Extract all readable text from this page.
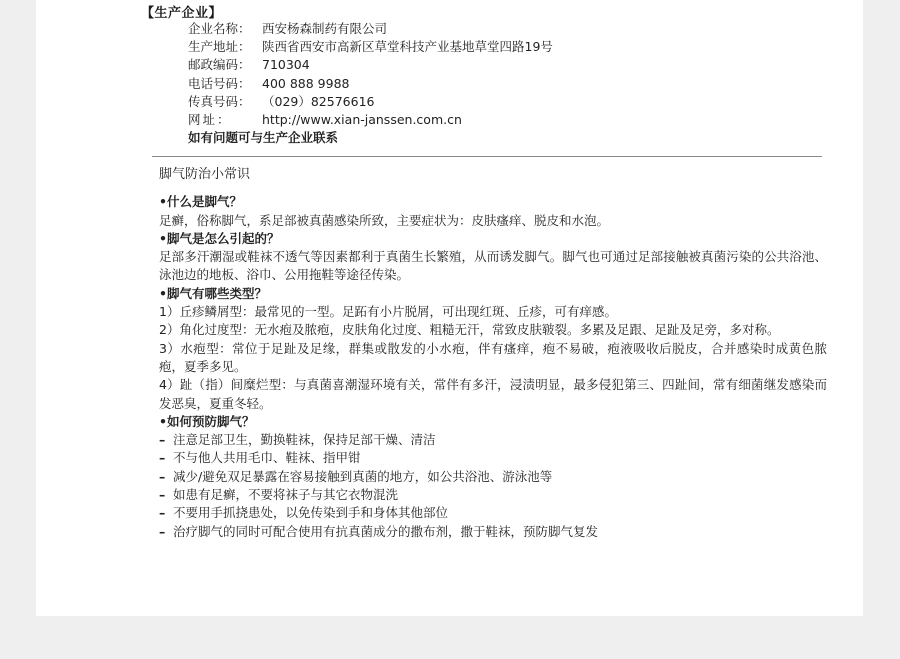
【生产企业】
企业名称： 西安杨森制药有限公司
生产地址： 陕西省西安市高新区草堂科技产业基地草堂四路19号
邮政编码： 710304
电话号码： 400 888 9988
传真号码： （029）82576616
网址： http://www.xian-janssen.com.cn
如有问题可与生产企业联系
脚气防治小常识
•什么是脚气？

足癣，俗称脚气，系足部被真菌感染所致，主要症状为：皮肤瘙痒、脱皮和水泡。

•脚气是怎么引起的？

足部多汗潮湿或鞋袜不透气等因素都利于真菌生长繁殖，从而诱发脚气。脚气也可通过足部接触被真菌污染的公共浴池、泳池边的地板、浴巾、公用拖鞋等途径传染。

•脚气有哪些类型？

1）丘疹鳞屑型：最常见的一型。足跖有小片脱屑，可出现红斑、丘疹，可有痒感。

2）角化过度型：无水疱及脓疱，皮肤角化过度、粗糙无汗，常致皮肤皲裂。多累及足跟、足趾及足旁，多对称。

3）水疱型：常位于足趾及足缘，群集或散发的小水疱，伴有瘙痒，疱不易破，疱液吸收后脱皮，合并感染时成黄色脓疱，夏季多见。

4）趾（指）间糜烂型：与真菌喜潮湿环境有关，常伴有多汗，浸渍明显，最多侵犯第三、四趾间，常有细菌继发感染而发恶臭，夏重冬轻。

•如何预防脚气？
– 注意足部卫生，勤换鞋袜，保持足部干燥、清洁
– 不与他人共用毛巾、鞋袜、指甲钳
– 减少/避免双足暴露在容易接触到真菌的地方，如公共浴池、游泳池等
– 如患有足癣，不要将袜子与其它衣物混洗
– 不要用手抓挠患处，以免传染到手和身体其他部位
– 治疗脚气的同时可配合使用有抗真菌成分的撒布剂，撒于鞋袜，预防脚气复发
